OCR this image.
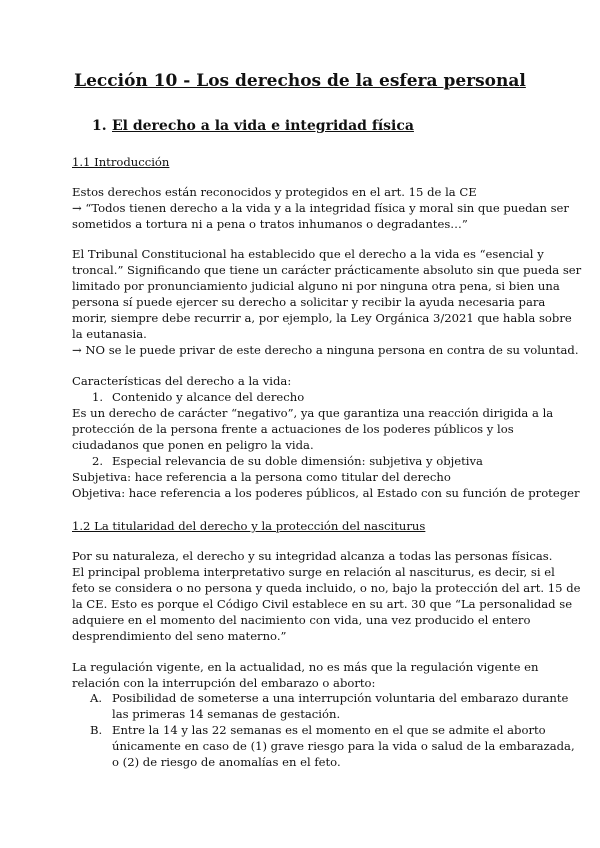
Lección 10 - Los derechos de la esfera personal
1. El derecho a la vida e integridad física
1.1 Introducción
Estos derechos están reconocidos y protegidos en el art. 15 de la CE
→ “Todos tienen derecho a la vida y a la integridad física y moral sin que puedan ser
sometidos a tortura ni a pena o tratos inhumanos o degradantes…”
El Tribunal Constitucional ha establecido que el derecho a la vida es “esencial y
troncal.” Significando que tiene un carácter prácticamente absoluto sin que pueda ser
limitado por pronunciamiento judicial alguno ni por ninguna otra pena, si bien una
persona sí puede ejercer su derecho a solicitar y recibir la ayuda necesaria para
morir, siempre debe recurrir a, por ejemplo, la Ley Orgánica 3/2021 que habla sobre
la eutanasia.
→ NO se le puede privar de este derecho a ninguna persona en contra de su voluntad.
Características del derecho a la vida:
1. Contenido y alcance del derecho
Es un derecho de carácter “negativo”, ya que garantiza una reacción dirigida a la
protección de la persona frente a actuaciones de los poderes públicos y los
ciudadanos que ponen en peligro la vida.
2. Especial relevancia de su doble dimensión: subjetiva y objetiva
Subjetiva: hace referencia a la persona como titular del derecho
Objetiva: hace referencia a los poderes públicos, al Estado con su función de proteger
1.2 La titularidad del derecho y la protección del nasciturus
Por su naturaleza, el derecho y su integridad alcanza a todas las personas físicas.
El principal problema interpretativo surge en relación al nasciturus, es decir, si el
feto se considera o no persona y queda incluido, o no, bajo la protección del art. 15 de
la CE. Esto es porque el Código Civil establece en su art. 30 que “La personalidad se
adquiere en el momento del nacimiento con vida, una vez producido el entero
desprendimiento del seno materno.”
La regulación vigente, en la actualidad, no es más que la regulación vigente en
relación con la interrupción del embarazo o aborto:
A. Posibilidad de someterse a una interrupción voluntaria del embarazo durante
las primeras 14 semanas de gestación.
B. Entre la 14 y las 22 semanas es el momento en el que se admite el aborto
únicamente en caso de (1) grave riesgo para la vida o salud de la embarazada,
o (2) de riesgo de anomalías en el feto.
